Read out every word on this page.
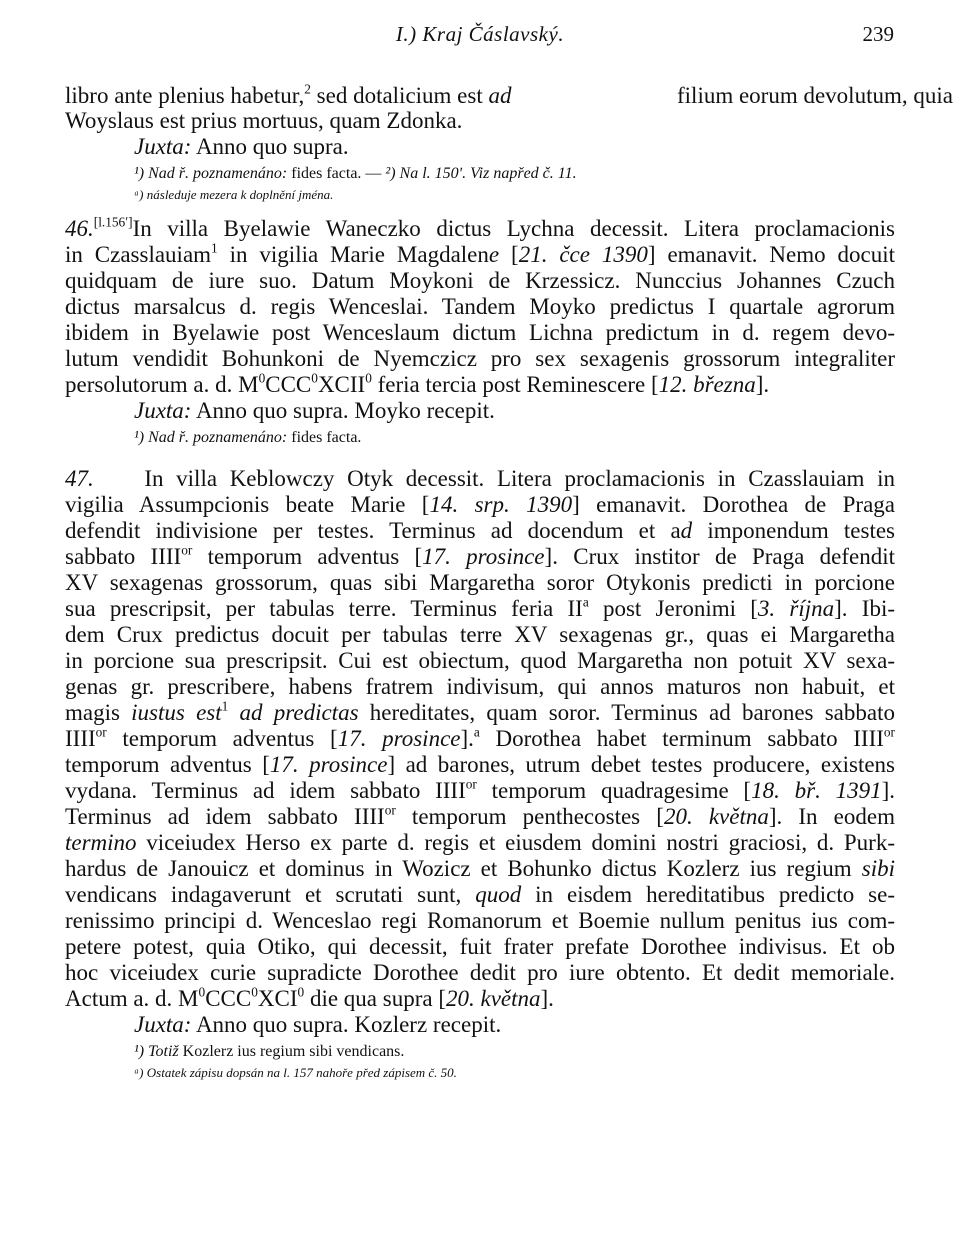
I.) Kraj Čáslavský.	239
libro ante plenius habetur,$^2$ sed dotalicium est ad	filium eorum devolutum, quia
Woyslaus est prius mortuus, quam Zdonka.
Juxta: Anno quo supra.
¹) Nad ř. poznamenáno: fides facta. — ²) Na l. 150ʹ. Viz napřed č. 11.
ᵃ) následuje mezera k doplnění jména.
46.[l.156ʹ]In villa Byelawie Waneczko dictus Lychna decessit. Litera proclamacionis
in Czasslauiam$^1$ in vigilia Marie Magdalene [21. čce 1390] emanavit. Nemo docuit
quidquam de iure suo. Datum Moykoni de Krzessicz. Nunccius Johannes Czuch
dictus marsalcus d. regis Wenceslai. Tandem Moyko predictus I quartale agrorum
ibidem in Byelawie post Wenceslaum dictum Lichna predictum in d. regem devo-
lutum vendidit Bohunkoni de Nyemczicz pro sex sexagenis grossorum integraliter
persolutorum a. d. $M^0CCC^0XCII^0$ feria tercia post Reminescere [12. března].
Juxta: Anno quo supra. Moyko recepit.
¹) Nad ř. poznamenáno: fides facta.
47. In villa Keblowczy Otyk decessit. Litera proclamacionis in Czasslauiam in
vigilia Assumpcionis beate Marie [14. srp. 1390] emanavit. Dorothea de Praga
defendit indivisione per testes. Terminus ad docendum et ad imponendum testes
sabbato $IIII^{or}$ temporum adventus [17. prosince]. Crux institor de Praga defendit
XV sexagenas grossorum, quas sibi Margaretha soror Otykonis predicti in porcione
sua prescripsit, per tabulas terre. Terminus feria $II^a$ post Jeronimi [3. října]. Ibi-
dem Crux predictus docuit per tabulas terre XV sexagenas gr., quas ei Margaretha
in porcione sua prescripsit. Cui est obiectum, quod Margaretha non potuit XV sexa-
genas gr. prescribere, habens fratrem indivisum, qui annos maturos non habuit, et
magis iustus est$^1$ ad predictas hereditates, quam soror. Terminus ad barones sabbato
$IIII^{or}$ temporum adventus [17. prosince].$^a$ Dorothea habet terminum sabbato $IIII^{or}$
temporum adventus [17. prosince] ad barones, utrum debet testes producere, existens
vydana. Terminus ad idem sabbato $IIII^{or}$ temporum quadragesime [18. bř. 1391].
Terminus ad idem sabbato $IIII^{or}$ temporum penthecostes [20. května]. In eodem
termino viceiudex Herso ex parte d. regis et eiusdem domini nostri graciosi, d. Purk-
hardus de Janouicz et dominus in Wozicz et Bohunko dictus Kozlerz ius regium sibi
vendicans indagaverunt et scrutati sunt, quod in eisdem hereditatibus predicto se-
renissimo principi d. Wenceslao regi Romanorum et Boemie nullum penitus ius com-
petere potest, quia Otiko, qui decessit, fuit frater prefate Dorothee indivisus. Et ob
hoc viceiudex curie supradicte Dorothee dedit pro iure obtento. Et dedit memoriale.
Actum a. d. $M^0CCC^0XCI^0$ die qua supra [20. května].
Juxta: Anno quo supra. Kozlerz recepit.
¹) Totiž Kozlerz ius regium sibi vendicans.
ᵃ) Ostatek zápisu dopsán na l. 157 nahoře před zápisem č. 50.
